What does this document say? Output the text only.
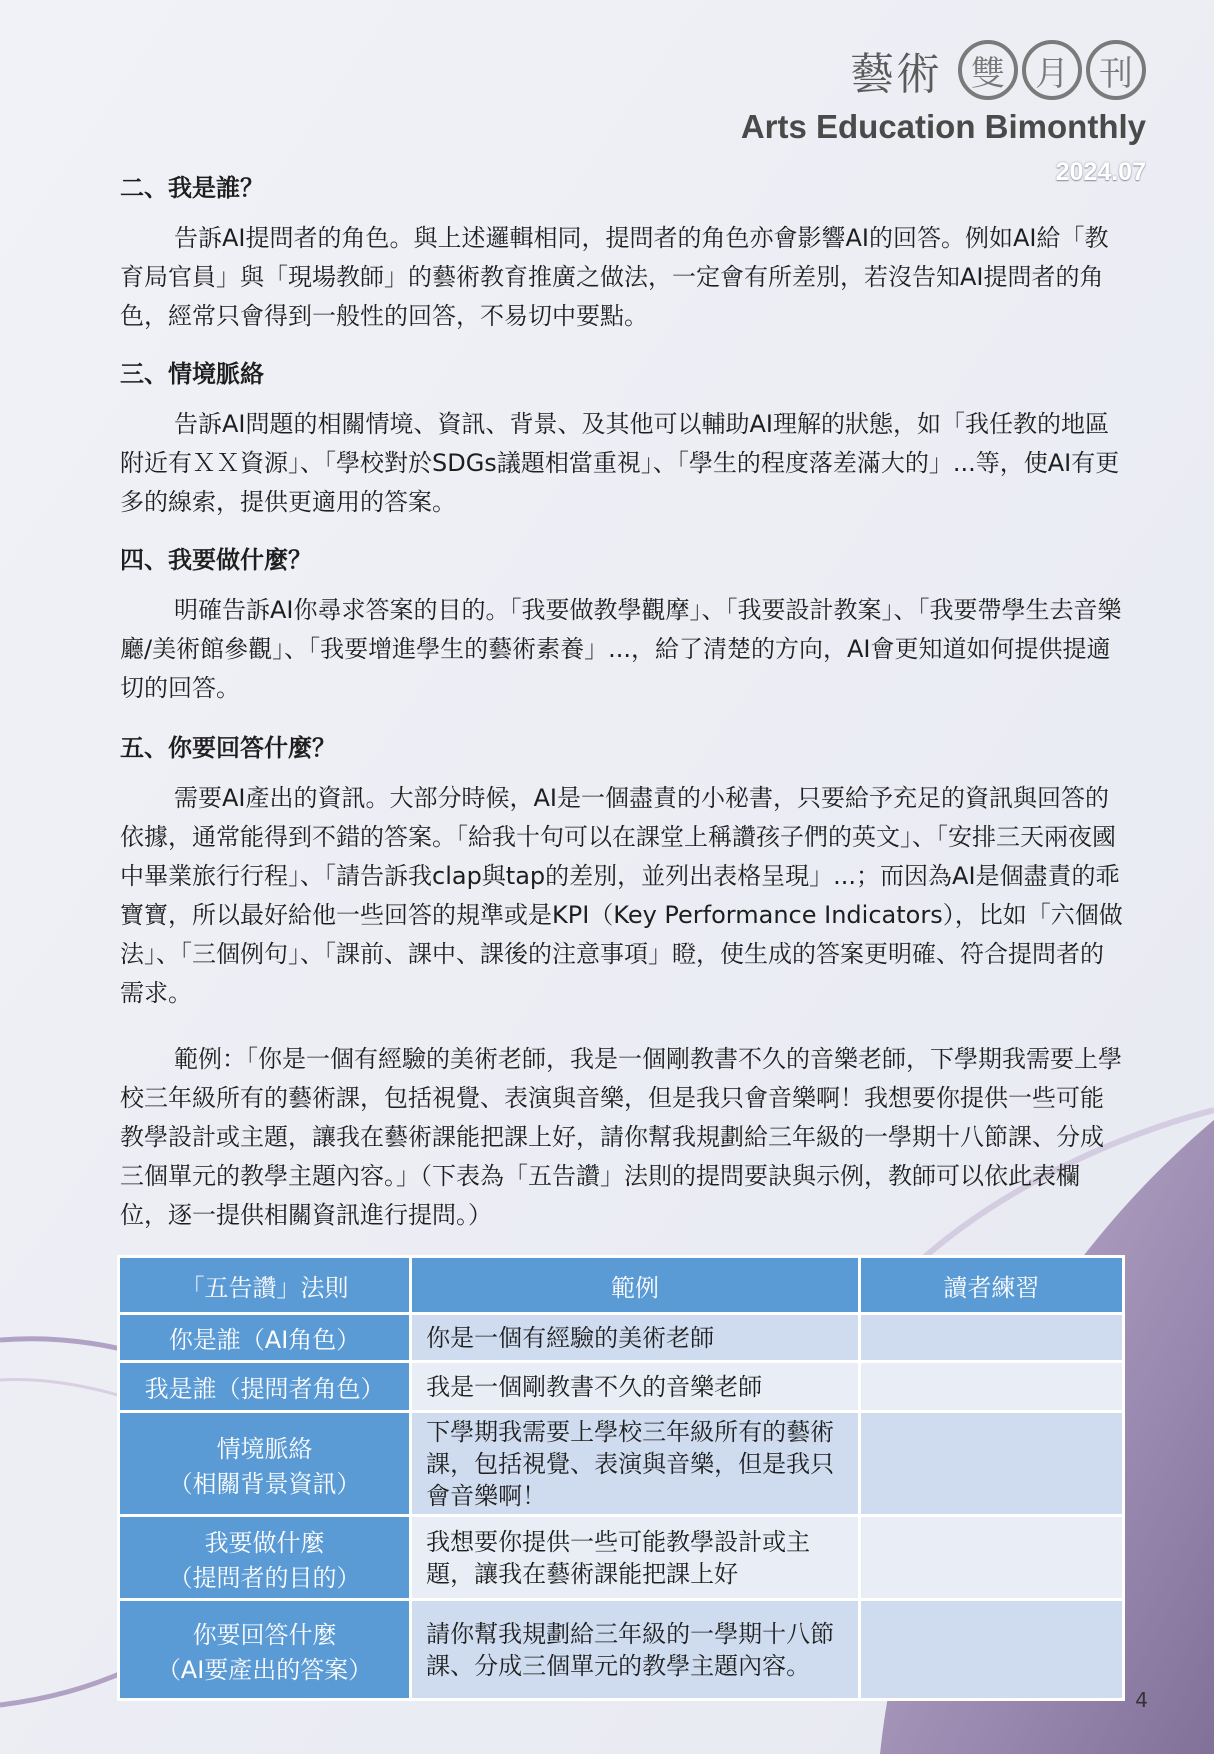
藝術 雙 月 刊
Arts Education Bimonthly
2024.07
二、我是誰？

告訴AI提問者的角色。與上述邏輯相同，提問者的角色亦會影響AI的回答。例如AI給「教育局官員」與「現場教師」的藝術教育推廣之做法，一定會有所差別，若沒告知AI提問者的角色，經常只會得到一般性的回答，不易切中要點。

三、情境脈絡

告訴AI問題的相關情境、資訊、背景、及其他可以輔助AI理解的狀態，如「我任教的地區附近有ＸＸ資源」、「學校對於SDGs議題相當重視」、「學生的程度落差滿大的」...等，使AI有更多的線索，提供更適用的答案。

四、我要做什麼？

明確告訴AI你尋求答案的目的。「我要做教學觀摩」、「我要設計教案」、「我要帶學生去音樂廳/美術館參觀」、「我要增進學生的藝術素養」...，給了清楚的方向，AI會更知道如何提供提適切的回答。

五、你要回答什麼？

需要AI產出的資訊。大部分時候，AI是一個盡責的小秘書，只要給予充足的資訊與回答的依據，通常能得到不錯的答案。「給我十句可以在課堂上稱讚孩子們的英文」、「安排三天兩夜國中畢業旅行行程」、「請告訴我clap與tap的差別，並列出表格呈現」...；而因為AI是個盡責的乖寶寶，所以最好給他一些回答的規準或是KPI（Key Performance Indicators），比如「六個做法」、「三個例句」、「課前、課中、課後的注意事項」瞪，使生成的答案更明確、符合提問者的需求。

範例：「你是一個有經驗的美術老師，我是一個剛教書不久的音樂老師，下學期我需要上學校三年級所有的藝術課，包括視覺、表演與音樂，但是我只會音樂啊！我想要你提供一些可能教學設計或主題，讓我在藝術課能把課上好，請你幫我規劃給三年級的一學期十八節課、分成三個單元的教學主題內容。」（下表為「五告讚」法則的提問要訣與示例，教師可以依此表欄位，逐一提供相關資訊進行提問。）

「五告讚」法則	範例	讀者練習

你是誰（AI角色）	你是一個有經驗的美術老師	

我是誰（提問者角色）	我是一個剛教書不久的音樂老師	

情境脈絡
（相關背景資訊）	下學期我需要上學校三年級所有的藝術課，包括視覺、表演與音樂，但是我只會音樂啊！	

我要做什麼
（提問者的目的）	我想要你提供一些可能教學設計或主題，讓我在藝術課能把課上好	

你要回答什麼
（AI要產出的答案）	請你幫我規劃給三年級的一學期十八節課、分成三個單元的教學主題內容。	
4
